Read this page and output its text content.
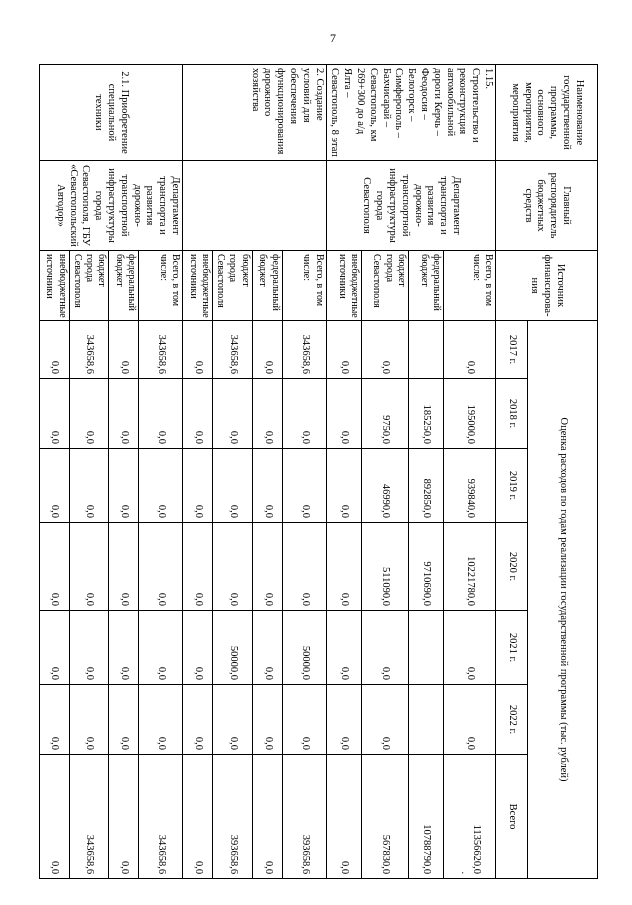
7
Наименование государственной программы, основного мероприятия, мероприятия	Главный распорядитель бюджетных средств	Источник финансирова-ния	Оценка расходов по годам реализации государственной программы (тыс. рублей)						
			2017 г.	2018 г.	2019 г.	2020 г.	2021 г.	2022 г.	Всего
1.15. Строительство и реконструкция автомобильной дороги Керчь – Феодосия – Белогорск – Симферополь – Бахчисарай – Севастополь, км 269+300 до а/д Ялта – Севастополь, 8 этап	Департамент транспорта и развития дорожно-транспортной инфраструктуры города Севастополя	Всего, в том числе:	0,0	195000,0	939840,0	10221780,0	0,0	0,0	11356620,0
.
		федеральный бюджет		185250,0	892850,0	9710690,0			10788790,0
		бюджет города Севастополя	0,0	9750,0	46990,0	511090,0	0,0	0,0	567830,0
		внебюджетные источники	0,0	0,0	0,0	0,0	0,0	0,0	0,0
2. Создание условий для обеспечения функционирования дорожного хозяйства		Всего, в том числе:	343658,6	0,0	0,0	0,0	50000,0	0,0	393658,6
		федеральный бюджет	0,0	0,0	0,0	0,0	0,0	0,0	0,0
		бюджет города Севастополя	343658,6	0,0	0,0	0,0	50000,0	0,0	393658,6
		внебюджетные источники	0,0	0,0	0,0	0,0	0,0	0,0	0,0
2.1. Приобретение специальной техники	Департамент транспорта и развития дорожно-транспортной инфраструктуры города Севастополя, ГБУ «Севастопольский Автодор»	Всего, в том числе:	343658,6	0,0	0,0	0,0	0,0	0,0	343658,6
		федеральный бюджет	0,0	0,0	0,0	0,0	0,0	0,0	0,0
		бюджет города Севастополя	343658,6	0,0	0,0	0,0	0,0	0,0	343658,6
		внебюджетные источники	0,0	0,0	0,0	0,0	0,0	0,0	0,0
